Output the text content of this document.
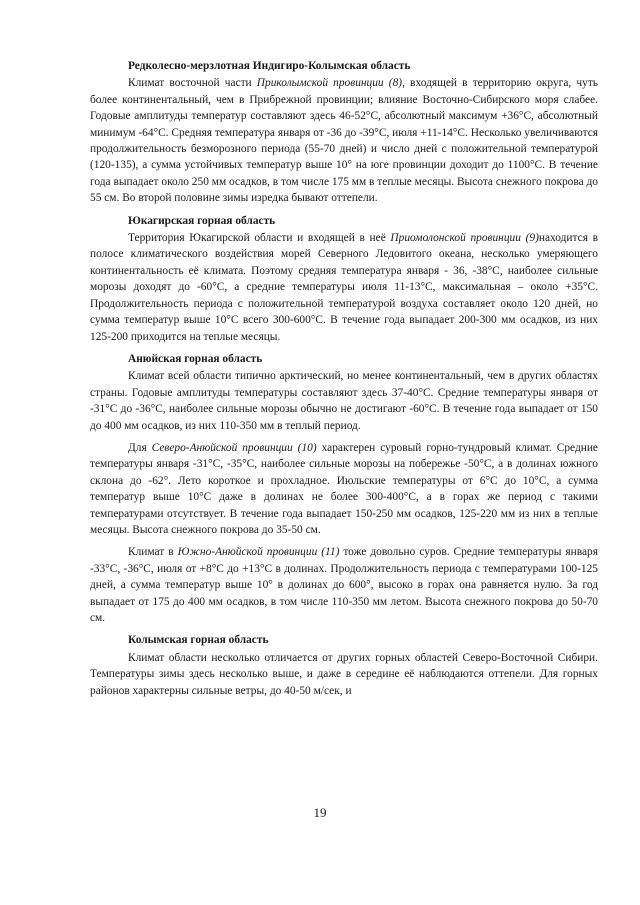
Редколесно-мерзлотная Индигиро-Колымская область

Климат восточной части Приколымской провинции (8), входящей в территорию округа, чуть более континентальный, чем в Прибрежной провинции; влияние Восточно-Сибирского моря слабее. Годовые амплитуды температур составляют здесь 46-52°С, абсолютный максимум +36°С, абсолютный минимум -64°С. Средняя температура января от -36 до -39°С, июля +11-14°С. Несколько увеличиваются продолжительность безморозного периода (55-70 дней) и число дней с положительной температурой (120-135), а сумма устойчивых температур выше 10° на юге провинции доходит до 1100°С. В течение года выпадает около 250 мм осадков, в том числе 175 мм в теплые месяцы. Высота снежного покрова до 55 см. Во второй половине зимы изредка бывают оттепели.

Юкагирская горная область

Территория Юкагирской области и входящей в неё Приомолонской провинции (9)находится в полосе климатического воздействия морей Северного Ледовитого океана, несколько умеряющего континентальность её климата. Поэтому средняя температура января - 36, -38°С, наиболее сильные морозы доходят до -60°С, а средние температуры июля 11-13°С, максимальная – около +35°С. Продолжительность периода с положительной температурой воздуха составляет около 120 дней, но сумма температур выше 10°С всего 300-600°С. В течение года выпадает 200-300 мм осадков, из них 125-200 приходится на теплые месяцы.

Анюйская горная область

Климат всей области типично арктический, но менее континентальный, чем в других областях страны. Годовые амплитуды температуры составляют здесь 37-40°С. Средние температуры января от -31°С до -36°С, наиболее сильные морозы обычно не достигают -60°С. В течение года выпадает от 150 до 400 мм осадков, из них 110-350 мм в теплый период.

Для Северо-Анюйской провинции (10) характерен суровый горно-тундровый климат. Средние температуры января -31°С, -35°С, наиболее сильные морозы на побережье -50°С, а в долинах южного склона до -62°. Лето короткое и прохладное. Июльские температуры от 6°С до 10°С, а сумма температур выше 10°С даже в долинах не более 300-400°С, а в горах же период с такими температурами отсутствует. В течение года выпадает 150-250 мм осадков, 125-220 мм из них в теплые месяцы. Высота снежного покрова до 35-50 см.

Климат в Южно-Анюйской провинции (11) тоже довольно суров. Средние температуры января -33°С, -36°С, июля от +8°С до +13°С в долинах. Продолжительность периода с температурами 100-125 дней, а сумма температур выше 10° в долинах до 600°, высоко в горах она равняется нулю. За год выпадает от 175 до 400 мм осадков, в том числе 110-350 мм летом. Высота снежного покрова до 50-70 см.

Колымская горная область

Климат области несколько отличается от других горных областей Северо-Восточной Сибири. Температуры зимы здесь несколько выше, и даже в середине её наблюдаются оттепели. Для горных районов характерны сильные ветры, до 40-50 м/сек, и

19
